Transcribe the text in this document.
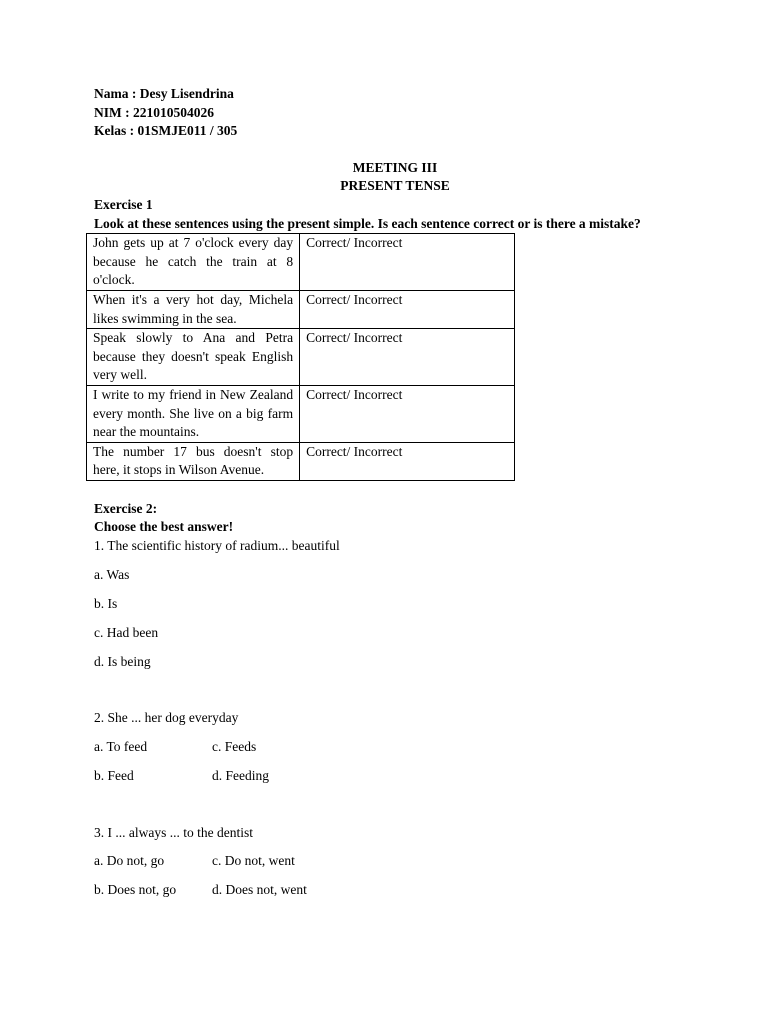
Nama : Desy Lisendrina
NIM : 221010504026
Kelas : 01SMJE011 / 305
MEETING III
PRESENT TENSE
Exercise 1
Look at these sentences using the present simple. Is each sentence correct or is there a mistake?
John gets up at 7 o'clock every day because he catch the train at 8 o'clock.	Correct/ Incorrect
When it's a very hot day, Michela likes swimming in the sea.	Correct/ Incorrect
Speak slowly to Ana and Petra because they doesn't speak English very well.	Correct/ Incorrect
I write to my friend in New Zealand every month. She live on a big farm near the mountains.	Correct/ Incorrect
The number 17 bus doesn't stop here, it stops in Wilson Avenue.	Correct/ Incorrect
Exercise 2:
Choose the best answer!
1. The scientific history of radium... beautiful
a. Was
b. Is
c. Had been
d. Is being
2. She ... her dog everyday
a. To feed	c. Feeds
b. Feed	d. Feeding
3. I ... always ... to the dentist
a. Do not, go	c. Do not, went
b. Does not, go	d. Does not, went
